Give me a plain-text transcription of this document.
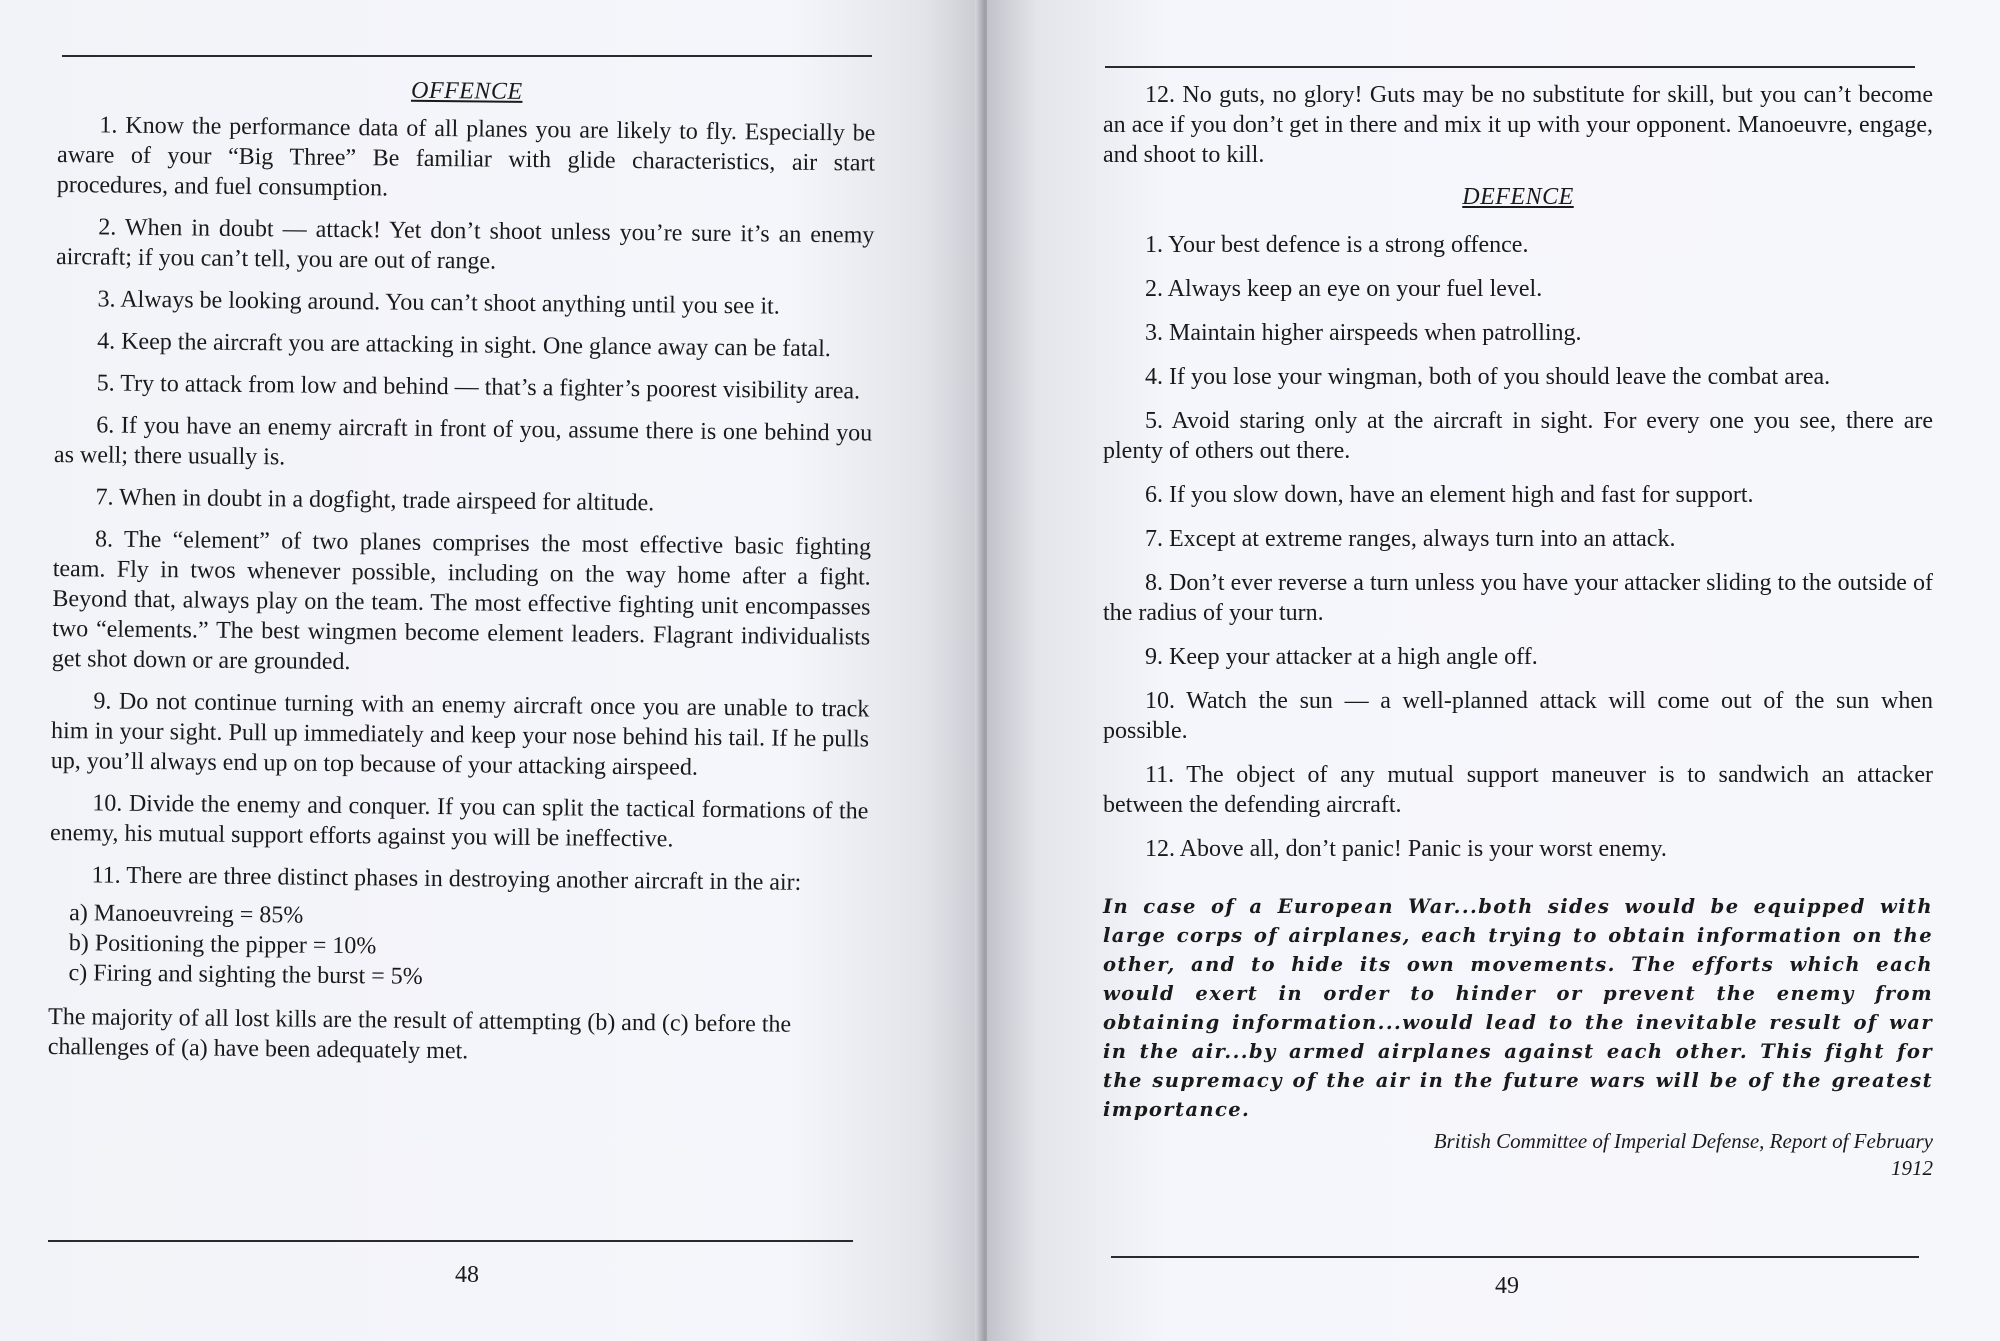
OFFENCE

1. Know the performance data of all planes you are likely to fly. Especially be aware of your “Big Three” Be familiar with glide characteristics, air start procedures, and fuel consumption.

2. When in doubt — attack! Yet don’t shoot unless you’re sure it’s an enemy aircraft; if you can’t tell, you are out of range.

3. Always be looking around. You can’t shoot anything until you see it.

4. Keep the aircraft you are attacking in sight. One glance away can be fatal.

5. Try to attack from low and behind — that’s a fighter’s poorest visibility area.

6. If you have an enemy aircraft in front of you, assume there is one behind you as well; there usually is.

7. When in doubt in a dogfight, trade airspeed for altitude.

8. The “element” of two planes comprises the most effective basic fighting team. Fly in twos whenever possible, including on the way home after a fight. Beyond that, always play on the team. The most effective fighting unit encompasses two “elements.” The best wingmen become element leaders. Flagrant individualists get shot down or are grounded.

9. Do not continue turning with an enemy aircraft once you are unable to track him in your sight. Pull up immediately and keep your nose behind his tail. If he pulls up, you’ll always end up on top because of your attacking airspeed.

10. Divide the enemy and conquer. If you can split the tactical formations of the enemy, his mutual support efforts against you will be ineffective.

11. There are three distinct phases in destroying another aircraft in the air:

a) Manoeuvreing = 85%
b) Positioning the pipper = 10%
c) Firing and sighting the burst = 5%

The majority of all lost kills are the result of attempting (b) and (c) before the challenges of (a) have been adequately met.

48	49

12. No guts, no glory! Guts may be no substitute for skill, but you can’t become an ace if you don’t get in there and mix it up with your opponent. Manoeuvre, engage, and shoot to kill.

DEFENCE

1. Your best defence is a strong offence.

2. Always keep an eye on your fuel level.

3. Maintain higher airspeeds when patrolling.

4. If you lose your wingman, both of you should leave the combat area.

5. Avoid staring only at the aircraft in sight. For every one you see, there are plenty of others out there.

6. If you slow down, have an element high and fast for support.

7. Except at extreme ranges, always turn into an attack.

8. Don’t ever reverse a turn unless you have your attacker sliding to the outside of the radius of your turn.

9. Keep your attacker at a high angle off.

10. Watch the sun — a well-planned attack will come out of the sun when possible.

11. The object of any mutual support maneuver is to sandwich an attacker between the defending aircraft.

12. Above all, don’t panic! Panic is your worst enemy.

In case of a European War...both sides would be equipped with large corps of airplanes, each trying to obtain information on the other, and to hide its own movements. The efforts which each would exert in order to hinder or prevent the enemy from obtaining information...would lead to the inevitable result of war in the air...by armed airplanes against each other. This fight for the supremacy of the air in the future wars will be of the greatest importance.
British Committee of Imperial Defense, Report of February 1912
